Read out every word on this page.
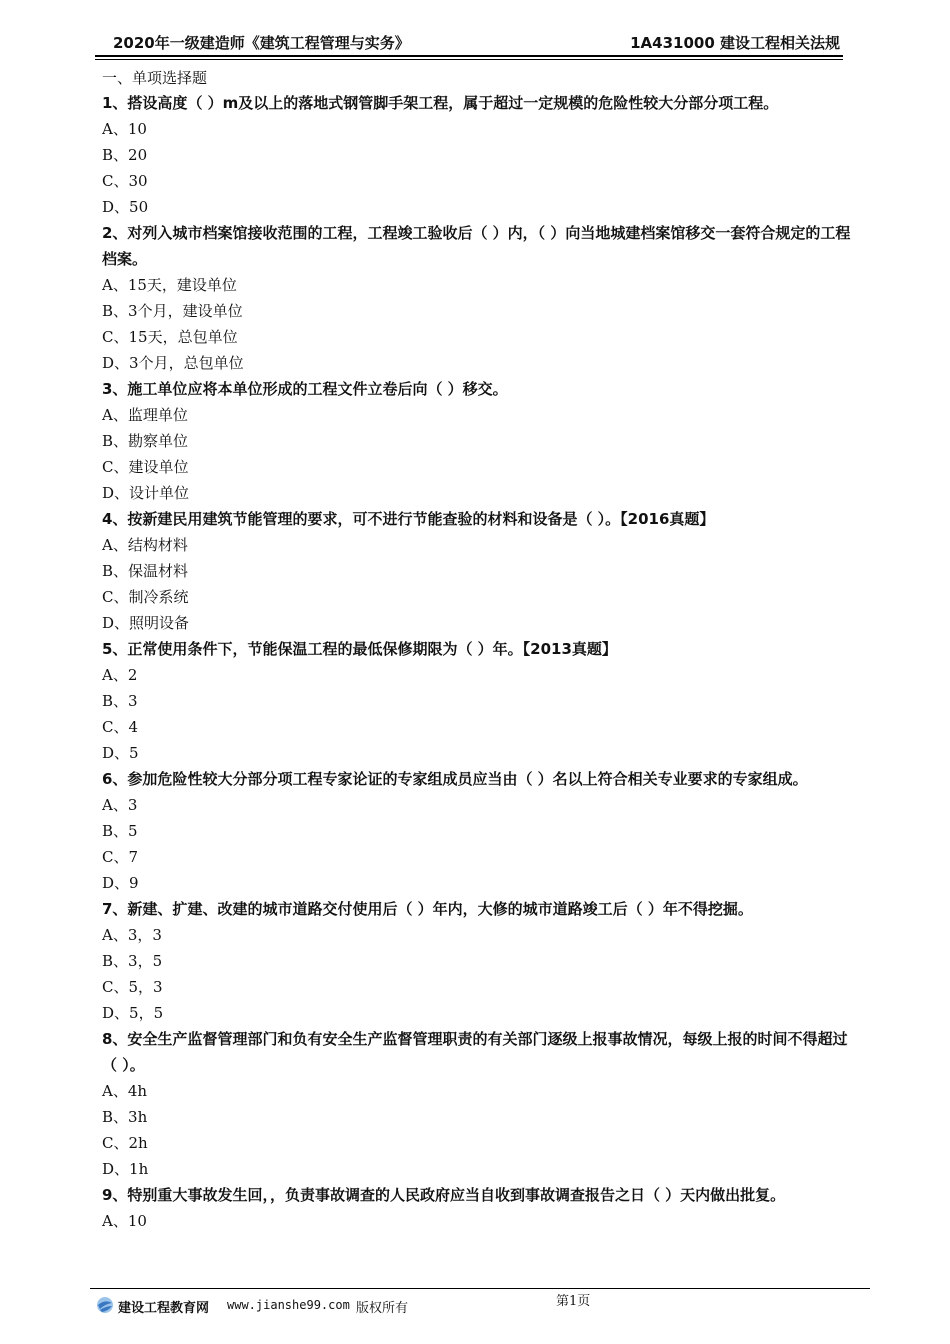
2020年一级建造师《建筑工程管理与实务》	1A431000 建设工程相关法规
一、单项选择题
1、搭设高度（ ）m及以上的落地式钢管脚手架工程，属于超过一定规模的危险性较大分部分项工程。
A、10
B、20
C、30
D、50
2、对列入城市档案馆接收范围的工程，工程竣工验收后（ ）内，（ ）向当地城建档案馆移交一套符合规定的工程档案。
A、15天，建设单位
B、3个月，建设单位
C、15天，总包单位
D、3个月，总包单位
3、施工单位应将本单位形成的工程文件立卷后向（ ）移交。
A、监理单位
B、勘察单位
C、建设单位
D、设计单位
4、按新建民用建筑节能管理的要求，可不进行节能查验的材料和设备是（ ）。【2016真题】
A、结构材料
B、保温材料
C、制冷系统
D、照明设备
5、正常使用条件下，节能保温工程的最低保修期限为（ ）年。【2013真题】
A、2
B、3
C、4
D、5
6、参加危险性较大分部分项工程专家论证的专家组成员应当由（ ）名以上符合相关专业要求的专家组成。
A、3
B、5
C、7
D、9
7、新建、扩建、改建的城市道路交付使用后（ ）年内，大修的城市道路竣工后（ ）年不得挖掘。
A、3，3
B、3，5
C、5，3
D、5，5
8、安全生产监督管理部门和负有安全生产监督管理职责的有关部门逐级上报事故情况，每级上报的时间不得超过（ ）。
A、4h
B、3h
C、2h
D、1h
9、特别重大事故发生回，，负责事故调查的人民政府应当自收到事故调查报告之日（ ）天内做出批复。
A、10
第1页
建设工程教育网 www.jianshe99.com 版权所有
